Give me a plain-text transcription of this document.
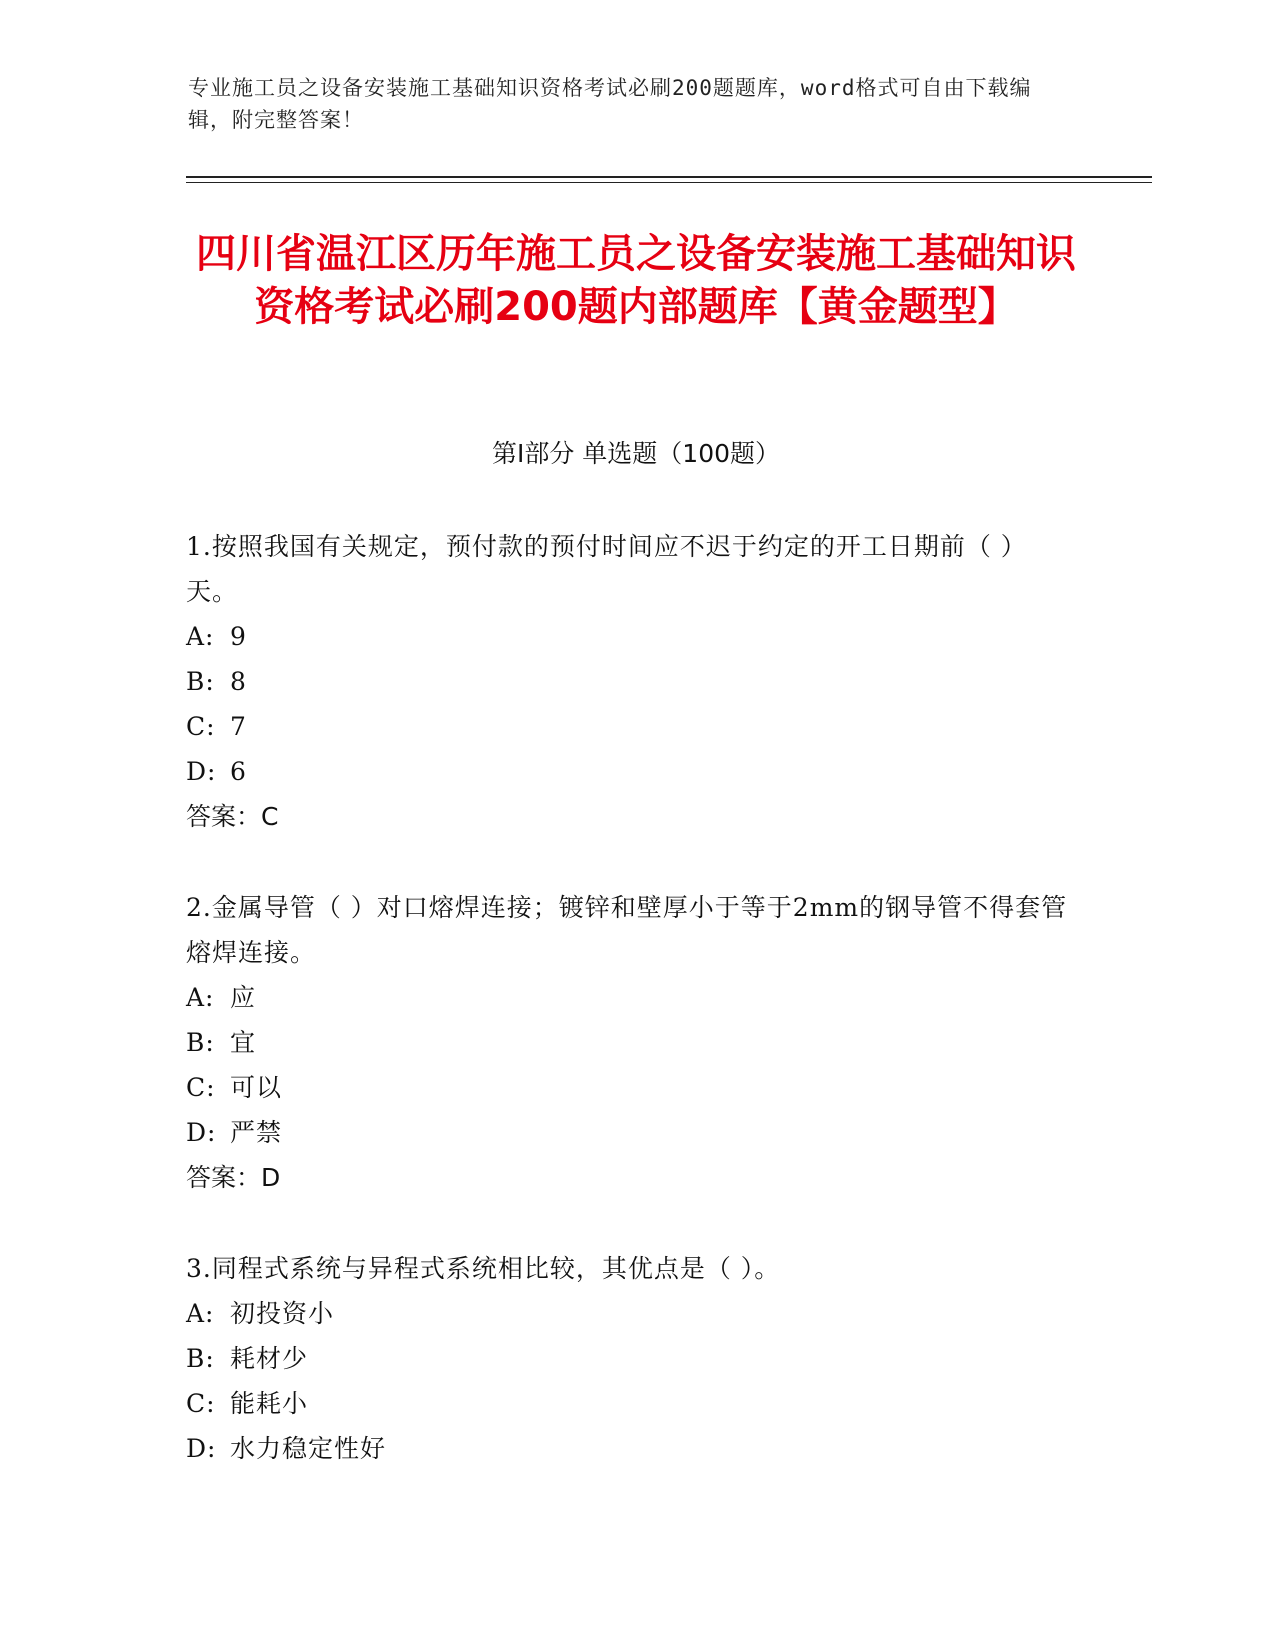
专业施工员之设备安装施工基础知识资格考试必刷200题题库，word格式可自由下载编辑，附完整答案！
四川省温江区历年施工员之设备安装施工基础知识资格考试必刷200题内部题库【黄金题型】
第Ⅰ部分 单选题（100题）
1.按照我国有关规定，预付款的预付时间应不迟于约定的开工日期前（ ）天。
A: 9
B: 8
C: 7
D: 6
答案：C
2.金属导管（ ）对口熔焊连接；镀锌和壁厚小于等于2mm的钢导管不得套管熔焊连接。
A: 应
B: 宜
C: 可以
D: 严禁
答案：D
3.同程式系统与异程式系统相比较，其优点是（ ）。
A: 初投资小
B: 耗材少
C: 能耗小
D: 水力稳定性好
